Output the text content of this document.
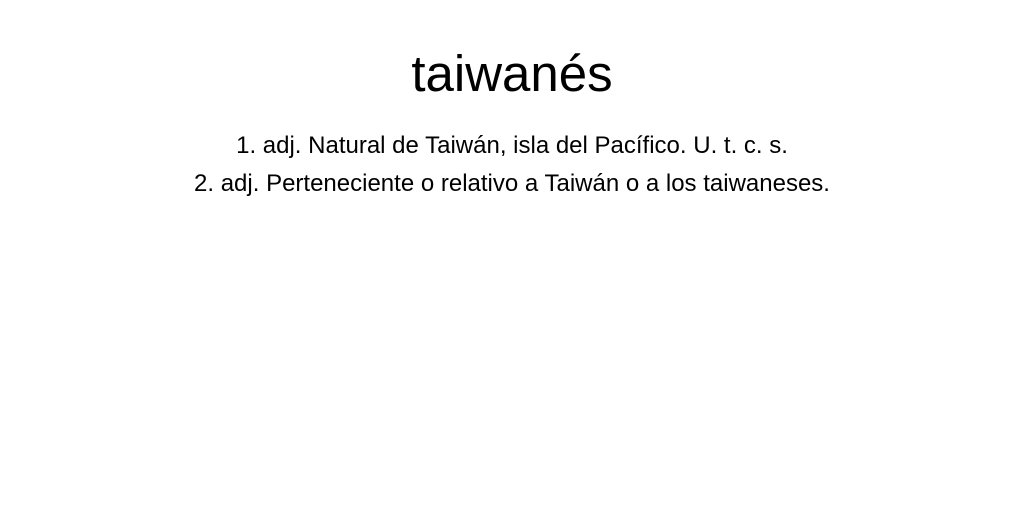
taiwanés
1. adj. Natural de Taiwán, isla del Pacífico. U. t. c. s.
2. adj. Perteneciente o relativo a Taiwán o a los taiwaneses.
